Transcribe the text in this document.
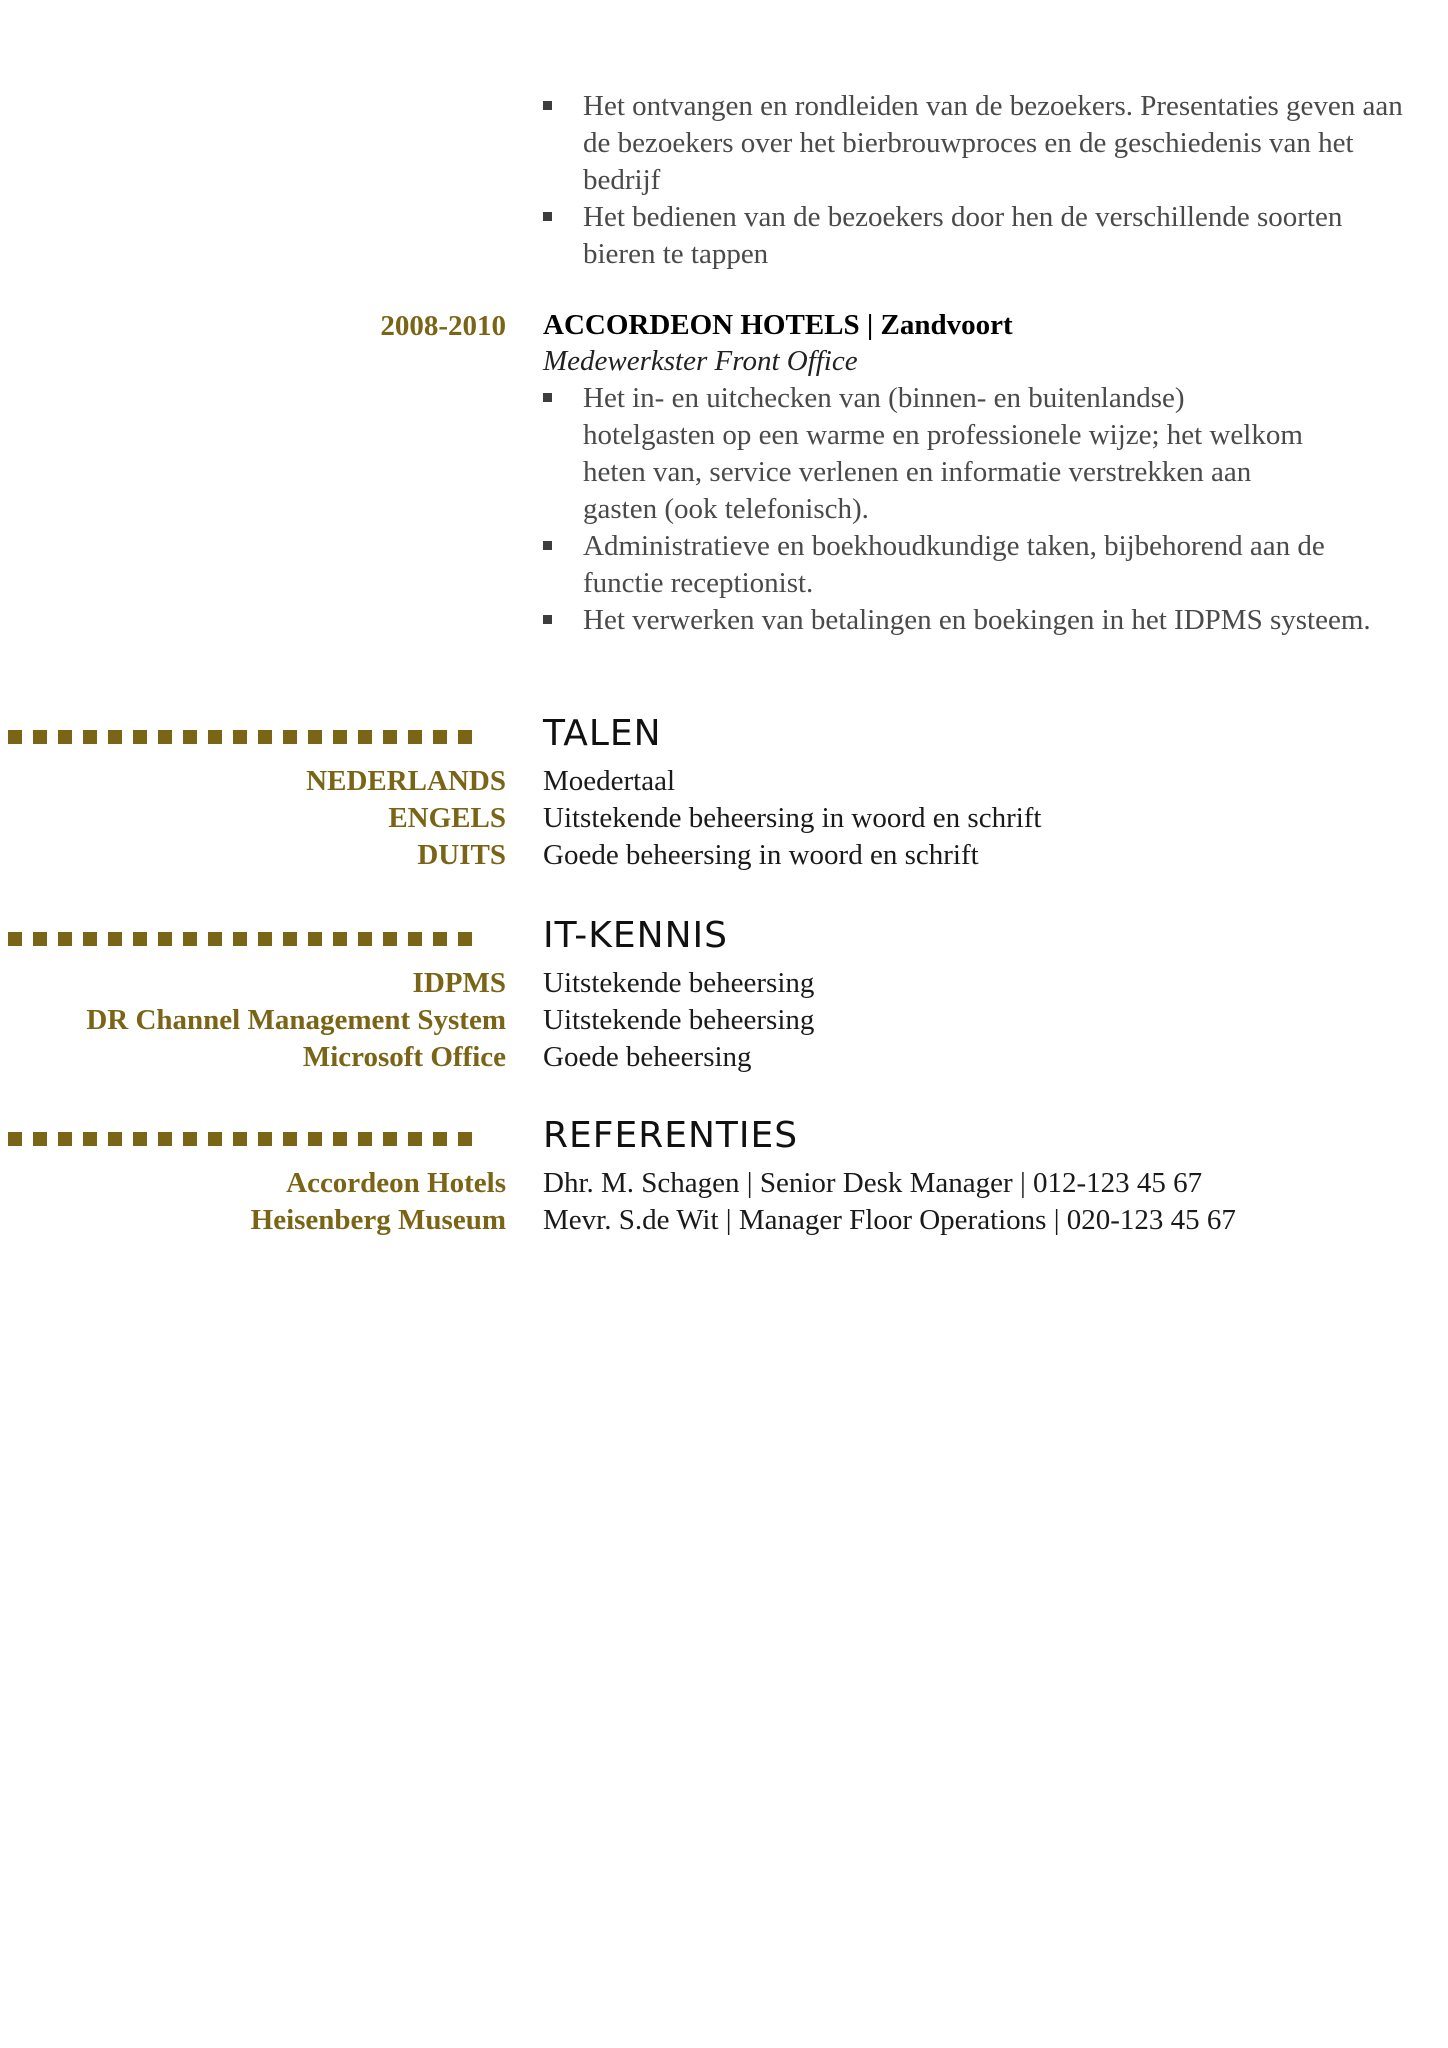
Het ontvangen en rondleiden van de bezoekers. Presentaties geven aan de bezoekers over het bierbrouwproces en de geschiedenis van het bedrijf
Het bedienen van de bezoekers door hen de verschillende soorten bieren te tappen
2008-2010 ACCORDEON HOTELS | Zandvoort
Medewerkster Front Office
Het in- en uitchecken van (binnen- en buitenlandse) hotelgasten op een warme en professionele wijze; het welkom heten van, service verlenen en informatie verstrekken aan gasten (ook telefonisch).
Administratieve en boekhoudkundige taken, bijbehorend aan de functie receptionist.
Het verwerken van betalingen en boekingen in het IDPMS systeem.
TALEN
NEDERLANDS Moedertaal
ENGELS Uitstekende beheersing in woord en schrift
DUITS Goede beheersing in woord en schrift
IT-KENNIS
IDPMS Uitstekende beheersing
DR Channel Management System Uitstekende beheersing
Microsoft Office Goede beheersing
REFERENTIES
Accordeon Hotels Dhr. M. Schagen | Senior Desk Manager | 012-123 45 67
Heisenberg Museum Mevr. S.de Wit | Manager Floor Operations | 020-123 45 67
